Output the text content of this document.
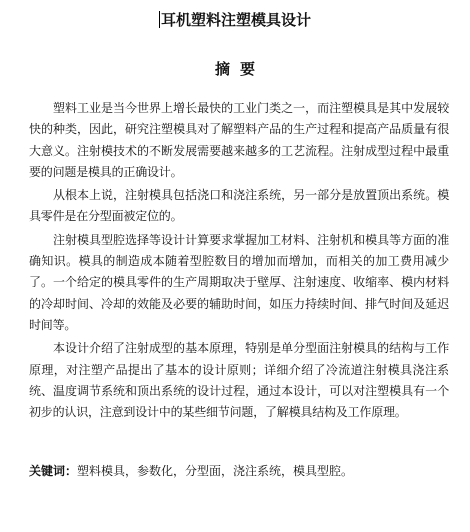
耳机塑料注塑模具设计
摘要

塑料工业是当今世界上增长最快的工业门类之一，而注塑模具是其中发展较快的种类，因此，研究注塑模具对了解塑料产品的生产过程和提高产品质量有很大意义。注射模技术的不断发展需要越来越多的工艺流程。注射成型过程中最重要的问题是模具的正确设计。

从根本上说，注射模具包括浇口和浇注系统，另一部分是放置顶出系统。模具零件是在分型面被定位的。

注射模具型腔选择等设计计算要求掌握加工材料、注射机和模具等方面的准确知识。模具的制造成本随着型腔数目的增加而增加，而相关的加工费用减少了。一个给定的模具零件的生产周期取决于壁厚、注射速度、收缩率、模内材料的冷却时间、冷却的效能及必要的辅助时间，如压力持续时间、排气时间及延迟时间等。

本设计介绍了注射成型的基本原理，特别是单分型面注射模具的结构与工作原理，对注塑产品提出了基本的设计原则；详细介绍了冷流道注射模具浇注系统、温度调节系统和顶出系统的设计过程，通过本设计，可以对注塑模具有一个初步的认识，注意到设计中的某些细节问题，了解模具结构及工作原理。

关键词：塑料模具，参数化，分型面，浇注系统，模具型腔。
